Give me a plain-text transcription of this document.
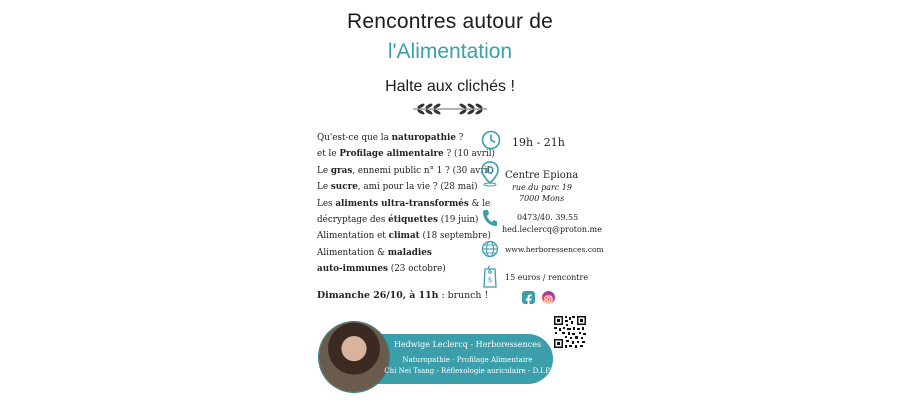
Rencontres autour de
l'Alimentation
Halte aux clichés !
Qu'est-ce que la naturopathie ?
et le Profilage alimentaire ? (10 avril)
Le gras, ennemi public n° 1 ? (30 avril)
Le sucre, ami pour la vie ? (28 mai)
Les aliments ultra-transformés & le
décryptage des étiquettes (19 juin)
Alimentation et climat (18 septembre)
Alimentation & maladies
auto-immunes (23 octobre)
Dimanche 26/10, à 11h : brunch !
$
19h - 21h
Centre Epiona
rue du parc 19
7000 Mons
0473/40. 39.55
hed.leclercq@proton.me
www.herboressences.com
15 euros / rencontre
Hedwige Leclercq - Herboressences
Naturopathie - Profilage Alimentaire
Chi Nei Tsang - Réflexologie auriculaire - D.I.P.
